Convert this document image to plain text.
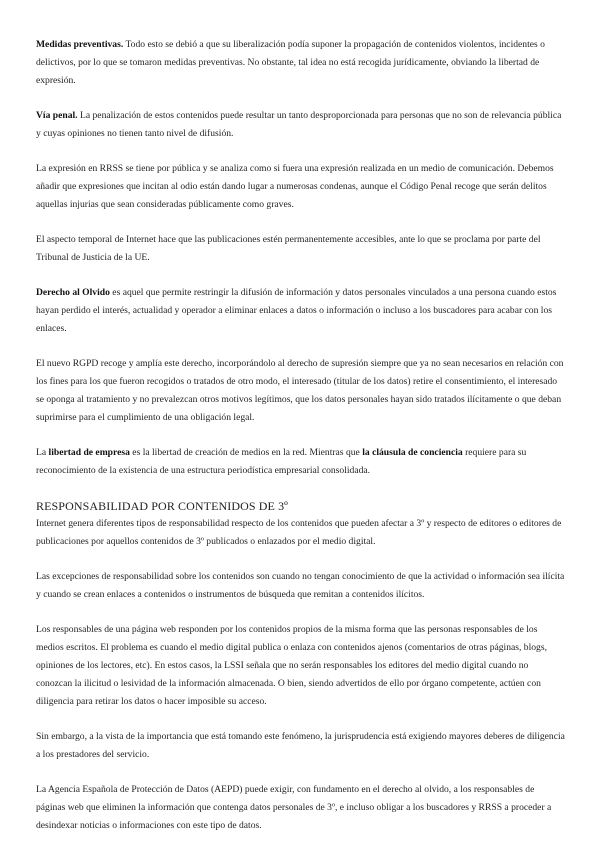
Medidas preventivas. Todo esto se debió a que su liberalización podía suponer la propagación de contenidos violentos, incidentes o delictivos, por lo que se tomaron medidas preventivas. No obstante, tal idea no está recogida jurídicamente, obviando la libertad de expresión.

Vía penal. La penalización de estos contenidos puede resultar un tanto desproporcionada para personas que no son de relevancia pública y cuyas opiniones no tienen tanto nivel de difusión.

La expresión en RRSS se tiene por pública y se analiza como si fuera una expresión realizada en un medio de comunicación. Debemos añadir que expresiones que incitan al odio están dando lugar a numerosas condenas, aunque el Código Penal recoge que serán delitos aquellas injurias que sean consideradas públicamente como graves.

El aspecto temporal de Internet hace que las publicaciones estén permanentemente accesibles, ante lo que se proclama por parte del Tribunal de Justicia de la UE.

Derecho al Olvido es aquel que permite restringir la difusión de información y datos personales vinculados a una persona cuando estos hayan perdido el interés, actualidad y operador a eliminar enlaces a datos o información o incluso a los buscadores para acabar con los enlaces.

El nuevo RGPD recoge y amplía este derecho, incorporándolo al derecho de supresión siempre que ya no sean necesarios en relación con los fines para los que fueron recogidos o tratados de otro modo, el interesado (titular de los datos) retire el consentimiento, el interesado se oponga al tratamiento y no prevalezcan otros motivos legítimos, que los datos personales hayan sido tratados ilícitamente o que deban suprimirse para el cumplimiento de una obligación legal.

La libertad de empresa es la libertad de creación de medios en la red. Mientras que la cláusula de conciencia requiere para su reconocimiento de la existencia de una estructura periodística empresarial consolidada.

RESPONSABILIDAD POR CONTENIDOS DE 3º

Internet genera diferentes tipos de responsabilidad respecto de los contenidos que pueden afectar a 3º y respecto de editores o editores de publicaciones por aquellos contenidos de 3º publicados o enlazados por el medio digital.

Las excepciones de responsabilidad sobre los contenidos son cuando no tengan conocimiento de que la actividad o información sea ilícita y cuando se crean enlaces a contenidos o instrumentos de búsqueda que remitan a contenidos ilícitos.

Los responsables de una página web responden por los contenidos propios de la misma forma que las personas responsables de los medios escritos. El problema es cuando el medio digital publica o enlaza con contenidos ajenos (comentarios de otras páginas, blogs, opiniones de los lectores, etc). En estos casos, la LSSI señala que no serán responsables los editores del medio digital cuando no conozcan la ilicitud o lesividad de la información almacenada. O bien, siendo advertidos de ello por órgano competente, actúen con diligencia para retirar los datos o hacer imposible su acceso.

Sin embargo, a la vista de la importancia que está tomando este fenómeno, la jurisprudencia está exigiendo mayores deberes de diligencia a los prestadores del servicio.

La Agencia Española de Protección de Datos (AEPD) puede exigir, con fundamento en el derecho al olvido, a los responsables de páginas web que eliminen la información que contenga datos personales de 3º, e incluso obligar a los buscadores y RRSS a proceder a desindexar noticias o informaciones con este tipo de datos.
